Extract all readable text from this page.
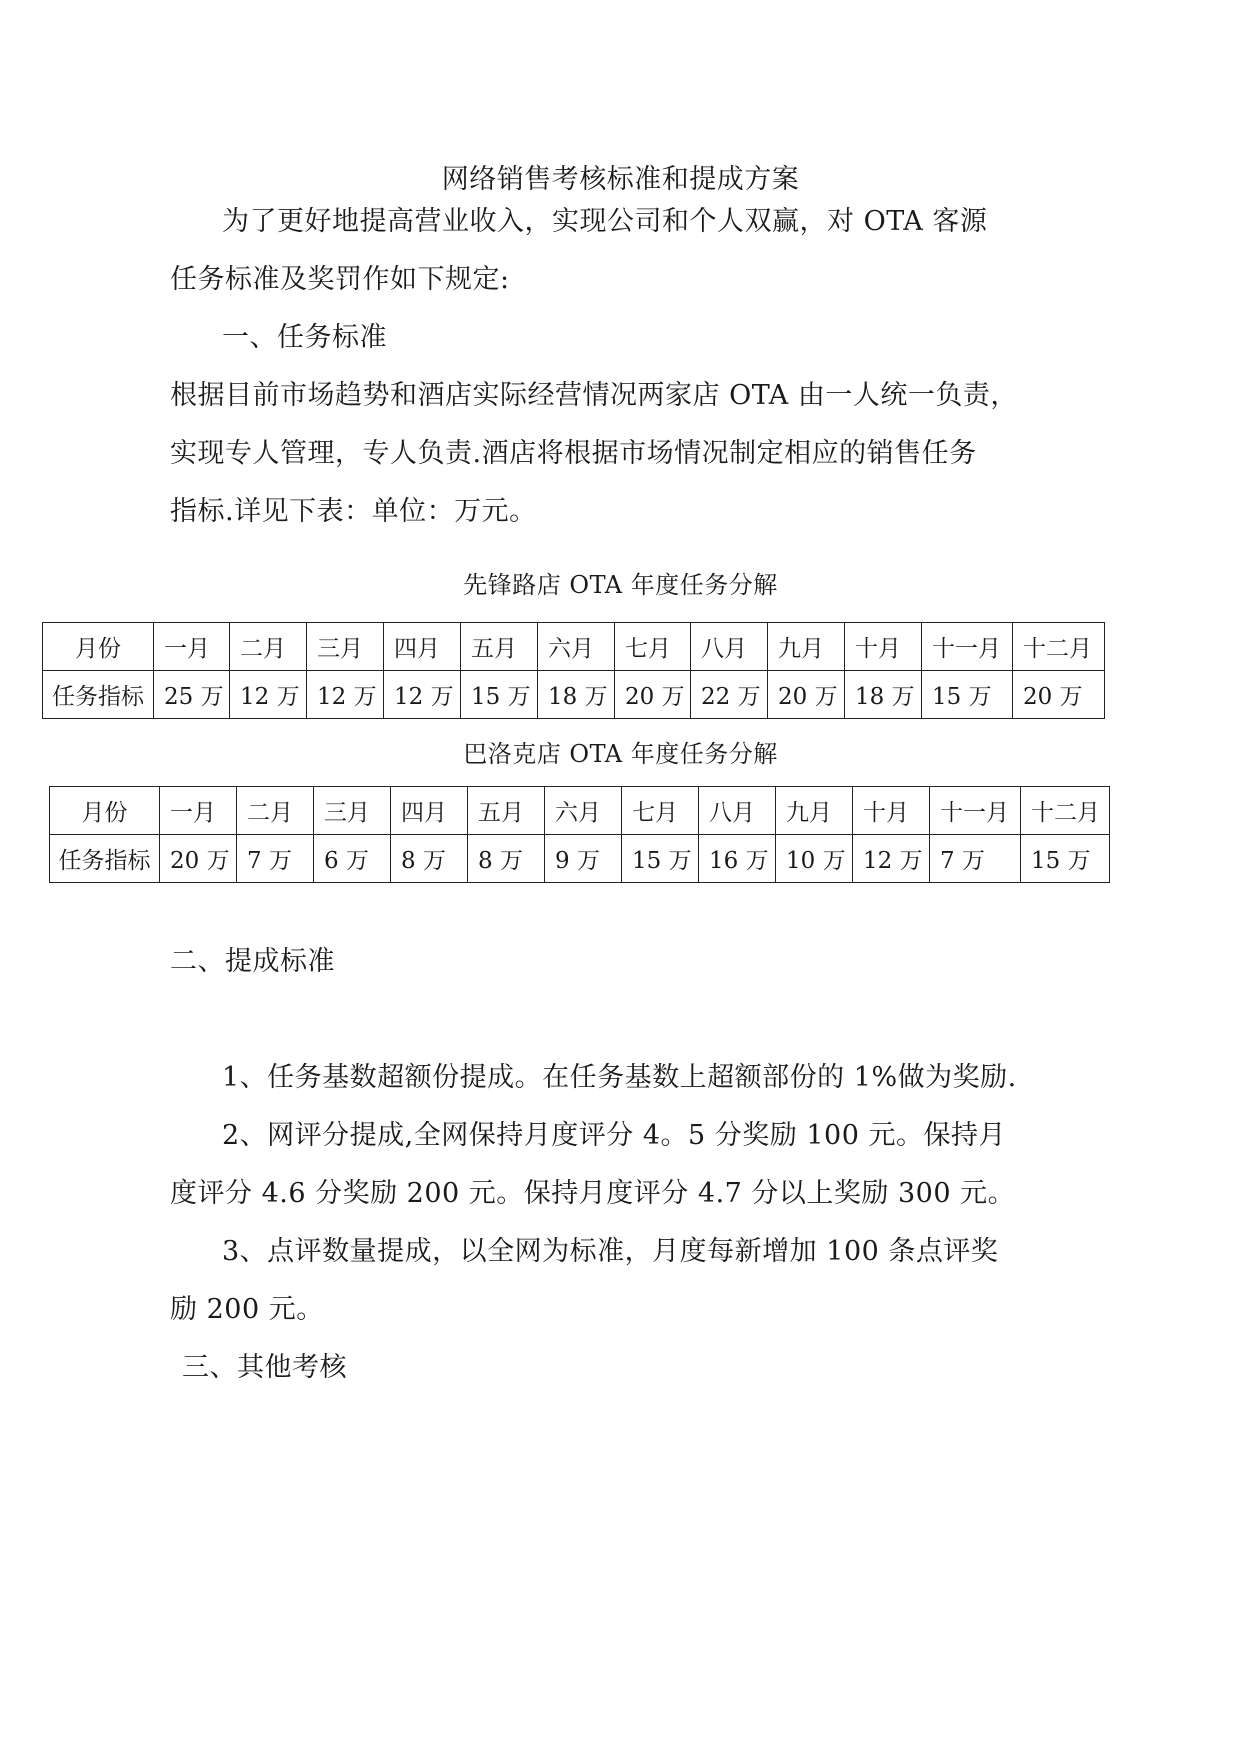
网络销售考核标准和提成方案
为了更好地提高营业收入，实现公司和个人双赢，对 OTA 客源
任务标准及奖罚作如下规定:
一、任务标准
根据目前市场趋势和酒店实际经营情况两家店 OTA 由一人统一负责，
实现专人管理，专人负责.酒店将根据市场情况制定相应的销售任务
指标.详见下表：单位：万元。
先锋路店 OTA 年度任务分解
月份	一月	二月	三月	四月	五月	六月	七月	八月	九月	十月	十一月	十二月
任务指标	25 万	12 万	12 万	12 万	15 万	18 万	20 万	22 万	20 万	18 万	15 万	20 万
巴洛克店 OTA 年度任务分解
月份	一月	二月	三月	四月	五月	六月	七月	八月	九月	十月	十一月	十二月
任务指标	20 万	7 万	6 万	8 万	8 万	9 万	15 万	16 万	10 万	12 万	7 万	15 万
二、提成标准
1、任务基数超额份提成。在任务基数上超额部份的 1%做为奖励.
2、网评分提成,全网保持月度评分 4。5 分奖励 100 元。保持月
度评分 4.6 分奖励 200 元。保持月度评分 4.7 分以上奖励 300 元。
3、点评数量提成，以全网为标准，月度每新增加 100 条点评奖
励 200 元。
三、其他考核
